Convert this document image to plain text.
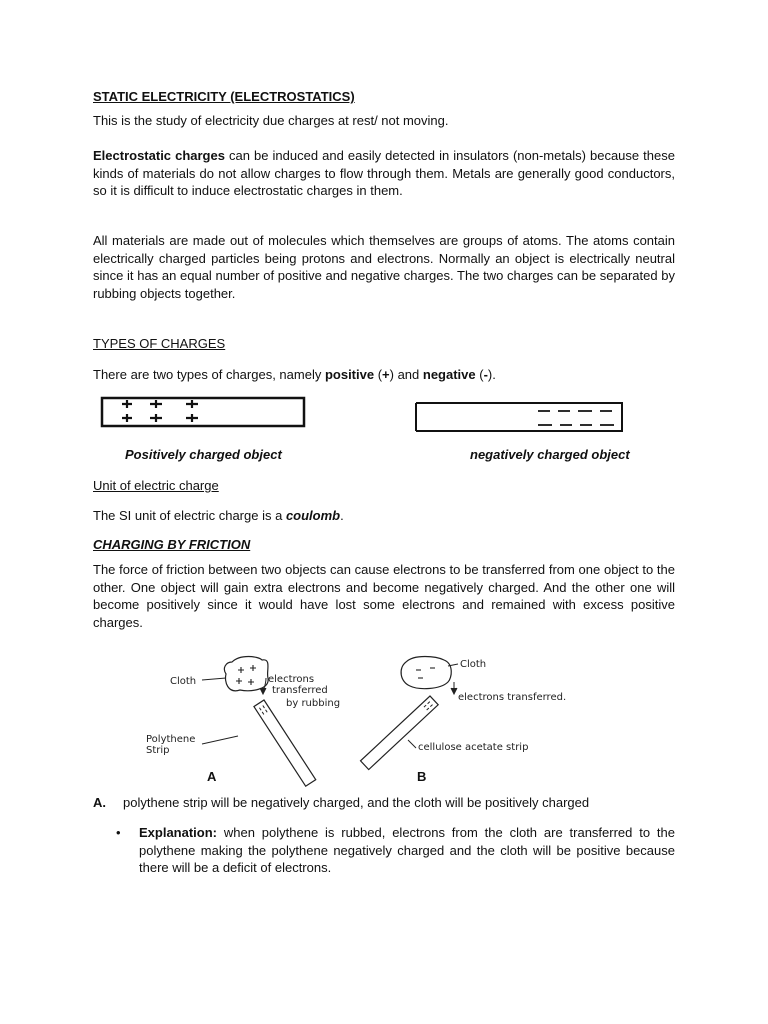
STATIC ELECTRICITY (ELECTROSTATICS)

This is the study of electricity due charges at rest/ not moving.

Electrostatic charges can be induced and easily detected in insulators (non-metals) because these kinds of materials do not allow charges to flow through them. Metals are generally good conductors, so it is difficult to induce electrostatic charges in them.

All materials are made out of molecules which themselves are groups of atoms. The atoms contain electrically charged particles being protons and electrons. Normally an object is electrically neutral since it has an equal number of positive and negative charges. The two charges can be separated by rubbing objects together.

TYPES OF CHARGES

There are two types of charges, namely positive (+) and negative (-).

Positively charged object	negatively charged object

Unit of electric charge

The SI unit of electric charge is a coulomb.

CHARGING BY FRICTION

The force of friction between two objects can cause electrons to be transferred from one object to the other. One object will gain extra electrons and become negatively charged. And the other one will become positively since it would have lost some electrons and remained with excess positive charges.

Cloth	electrons
transferred
by rubbing
Polythene
Strip
Cloth
electrons transferred.
cellulose acetate strip
A	B
A. polythene strip will be negatively charged, and the cloth will be positively charged
•	Explanation: when polythene is rubbed, electrons from the cloth are transferred to the polythene making the polythene negatively charged and the cloth will be positive because there will be a deficit of electrons.
